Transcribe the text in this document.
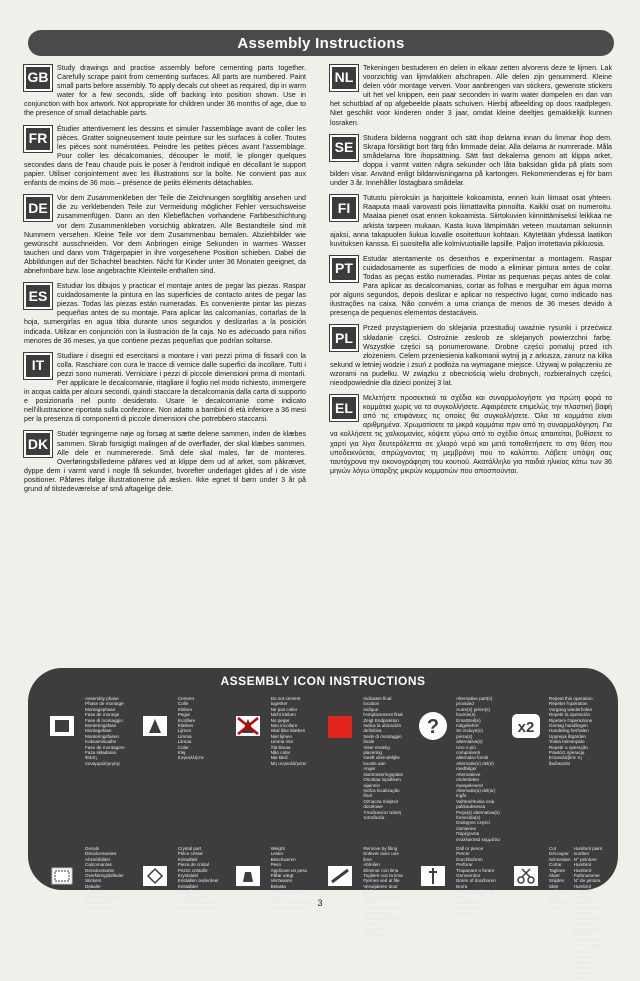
Assembly Instructions
GB
Study drawings and practise assembly before cementing parts together. Carefully scrape paint from cementing surfaces. All parts are numbered. Paint small parts before assembly. To apply decals cut sheet as required, dip in warm water for a few seconds, slide off backing into position shown. Use in conjunction with box artwork. Not appropriate for children under 36 months of age, due to the presence of small detachable parts.
FR
Étudier attentivement les dessins et simuler l'assemblage avant de coller les pièces. Gratter soigneusement toute peinture sur les surfaces à coller. Toutes les pièces sont numérotées. Peindre les petites pièces avant l'assemblage. Pour coller les décalcomanies, découper le motif, le plonger quelques secondes dans de l'eau chaude puis le poser à l'endroit indiqué en décollant le support papier. Utiliser conjointement avec les illustrations sur la boîte. Ne convient pas aux enfants de moins de 36 mois – présence de petits éléments détachables.
DE
Vor dem Zusammenkleben der Teile die Zeichnungen sorgfältig ansehen und die zu verklebenden Teile zur Vermeidung möglicher Fehler versuchsweise zusammenfügen. Dann an den Klebeflächen vorhandene Farbbeschichtung vor dem Zusammenkleben vorsichtig abkratzen. Alle Bestandteile sind mit Nummern versehen. Kleine Teile vor dem Zusammenbau bemalen. Abziehbilder wie gewünscht ausschneiden. Vor dem Anbringen einige Sekunden in warmes Wasser tauchen und dann vom Trägerpapier in ihre vorgesehene Position schieben. Dabei die Abbildungen auf der Schachtel beachten. Nicht für Kinder unter 36 Monaten geeignet, da abnehmbare bzw. lose angebrachte Kleinteile enthalten sind.
ES
Estudiar los dibujos y practicar el montaje antes de pegar las piezas. Raspar cuidadosamente la pintura en las superficies de contacto antes de pegar las piezas. Todas las piezas están numeradas. Es conveniente pintar las piezas pequeñas antes de su montaje. Para aplicar las calcomanías, cortarlas de la hoja, sumergirlas en agua tibia durante unos segundos y deslizarlas a la posición indicada. Utilizar en conjunción con la ilustración de la caja. No es adecuado para niños menores de 36 meses, ya que contiene piezas pequeñas que podrían soltarse.
IT
Studiare i disegni ed esercitarsi a montare i vari pezzi prima di fissarli con la colla. Raschiare con cura le tracce di vernice dalle superfici da incollare. Tutti i pezzi sono numerati. Verniciare i pezzi di piccole dimensioni prima di montarli. Per applicare le decalcomanie, ritagliare il foglio nel modo richiesto, immergere in acqua calda per alcuni secondi, quindi staccare la decalcomania dalla carta di supporto e posizionarla nel punto desiderato. Usare le decalcomanie come indicato nell'illustrazione riportata sulla confezione. Non adatto a bambini di età inferiore a 36 mesi per la presenza di componenti di piccole dimensioni che potrebbero staccarsi.
DK
Studér tegningerne nøje og forsøg at sætte delene sammen, inden de klæbes sammen. Skrab forsigtigt malingen af de overflader, der skal klæbes sammen. Alle dele er nummererede. Små dele skal males, før de monteres. Overføringsbillederne påføres ved at klippe dem ud af arket, som påkrævet, dyppe dem i varmt vand i nogle få sekunder, hvorefter underlaget glides af i de viste positioner. Påføres ifølge illustrationerne på æsken. Ikke egnet til børn under 3 år på grund af tilstedeværelse af små aftagelige dele.
NL
Tekeningen bestuderen en delen in elkaar zetten alvorens deze te lijmen. Lak voorzichtig van lijmvlakken afschrapen. Alle delen zijn genummerd. Kleine delen vóór montage verven. Voor aanbrengen van stickers, gewenste stickers uit het vel knippen, een paar seconden in warm water dompelen en dan van het schutblad af op afgebeelde plaats schuiven. Hierbij afbeelding op doos raadplegen. Niet geschikt voor kinderen onder 3 jaar, omdat kleine deeltjes gemakkelijk kunnen losraken.
SE
Studera bilderna noggrant och sätt ihop delarna innan du limmar ihop dem. Skrapa försiktigt bort färg från limmade delar. Alla delarna är numrerade. Måla smådelarna före ihopsättning. Sätt fast dekalerna genom att klippa arket, doppa i varmt vatten några sekunder och låta baksidan glida på plats som bilden visar. Använd enligt bildanvisningarna på kartongen. Rekommenderas ej för barn under 3 år. Innehåller löstagbara smådelar.
FI
Tutustu piirroksiin ja harjoittele kokoamista, ennen kuin liimaat osat yhteen. Raaputa maali varovasti pois liimattavilta pinnoilta. Kaikki osat on numeroitu. Maalaa pienet osat ennen kokoamista. Siirtokuvien kiinnittämiseksi leikkaa ne arkista tarpeen mukaan. Kasta kuva lämpimään veteen muutaman sekunnin ajaksi, anna takapuolen liukua kuvalle osoitettuun kohtaan. Käytetään yhdessä laatikon kuvituksen kanssa. Ei suositella alle kolmivuotiaille lapsille. Paljon irrotettavia pikkuosia.
PT
Estudar atentamente os desenhos e experimentar a montagem. Raspar cuidadosamente as superfícies de modo a eliminar pintura antes de colar. Todas as peças estão numeradas. Pintar as pequenas peças antes de colar. Para aplicar as decalcomanias, cortar as folhas e mergulhar em água morna por alguns segundos, depois deslizar e aplicar no respectivo lugar, como indicado nas ilustrações na caixa. Não convém a uma criança de menos de 36 meses devido à presença de pequenos elementos destacáveis.
PL
Przed przystąpieniem do sklejania przestudiuj uważnie rysunki i przećwicz składanie części. Ostrożnie zeskrob ze sklejanych powierzchni farbę. Wszystkie części są ponumerowane. Drobne części pomaluj przed ich złożeniem. Celem przeniesienia kalkomanii wytnij ją z arkusza, zanurz na kilka sekund w letniej wodzie i zsuń z podłoża na wymagane miejsce. Używaj w połączeniu ze wzorami na pudełku. W związku z obecnością wielu drobnych, rozbieralnych części, nieodpowiednie dla dzieci poniżej 3 lat.
EL
Μελετήστε προσεκτικά τα σχέδια και συναρμολογήστε για πρώτη φορά τα κομμάτια χωρίς να τα συγκολλήσετε. Αφαιρέσετε επιμελώς την πλαστική βαφή από τις επιφάνειες τις οποίες θα συγκολλήσετε. Όλα τα κομμάτια είναι αριθμημένα. Χρωματίσετε τα μικρά κομμάτια πριν από τη συναρμολόγηση. Για να κολλήσετε τις χαλκομανίες, κόψετε γύρω από το σχέδιο όπως απαιτείται, βυθίσετε το χαρτί για λίγα δευτερόλεπτα σε χλιαρό νερό και μετά τοποθετήσετε το στη θέση που υποδεικνύεται, σπρώχνοντας τη μεμβράνη που το καλύπτει. Λάβετε υπόψη σας ταυτόχρονα την εικονογράφηση του κουτιού. Ακατάλληλο για παιδιά ηλικίας κάτω των 36 μηνών λόγω ύπαρξης μικρών κομματιών που αποσπούνται.
ASSEMBLY ICON INSTRUCTIONS
Assembly phase
Phase de montage
Montagephase
Fase de montaje
Fase di montaggio
Monteringsfase
Montagefase
Monteringsfasen
Kokoamisvaihe
Fase de montagem
Faza składania
Φάση συναρμολόγησης
Cement
Colle
Kleben
Pegar
Incollare
Klæbes
Lijmen
Limma
Liimaa
Colar
Klej
Συγκολλήστε
Do not cement together
Ne pas coller
Nicht kleben
No pegar
Non incollare
Skal ikke klæbes
Niet lijmen
Limma inte
Älä liimaa
Não colar
Nie kleić
Μη συγκολλήσετε
Indicates final location
Indique l'emplacement final
Zeigt Endposition
Indica la ubicación definitiva
Sede di montaggio finale
Viser endelig placering
Geeft uiteindelijke locatie aan
Anger slutmonteringsplats
Osoittaa lopullisen sijainnin
Indica localização final
Oznacza miejsce docelowe
Υποδεικνύει τελική τοποθεσία
?
Alternative part(s) provided
Autre(s) pièce(s) fournie(s)
Ersatzteil(e) mitgeliefert
Se incluye(n) pieza(s) alternativa(s)
Uno o più componenti alternativi forniti
Alternativ(e) del(e) medfølger
Alternatieve onderdelen meegeleverd
Alternativ(a) del(ar) ingår
Vaihtoehtoisia osia pakkauksessa
Peça(s) alternativa(s) fornecida(s)
Dostępne części zamienne
Παρέχονται εναλλακτικά κομμάτια
x2
Repeat this operation
Répéter l'opération
Vorgang wiederholen
Repetir la operación
Ripetere l'operazione
Gentag handlingen
Handeling herhalen
Upprepa åtgärden
Toista toimenpide
Repetir a operação
Powtórz operację
Επαναλάβετε τη διαδικασία
Decals
Décalcomanies
Abziehbilder
Calcomanías
Decalcomanie
Overføringsbilleder
Stickers
Dekaler
Siirtokuvat
Decalcomanias
Kalkomania
Χαλκομανίες
Crystal part
Pièce cristal
Kristallteil
Pieza de cristal
Pezzo cristallo
Krystaldel
Kristallen onderdeel
Kristalldel
Kristalliosat
Peça de cristal
Część kryształowa
Κομμάτι κρυστάλλου
Weight
Lester
Beschweren
Peso
Applicare un peso
Påfør vægt
Verzwaren
Belasta
Aseta vastapaino
Lastrar
Obciążyć balastem
Επιθέστε βάρος
Remove by filing
Enlever avec une lime
Abfeilen
Eliminar con lima
Togliere con la lima
Fjernes ved at file
Verwijderen door afvijlen
Avlägsna genom filning
Poista viilaamalla
Retirar limando
Usunąć przy użyciu pilnika
Αφαιρέστε λιμάροντας
Drill or pierce
Percer
Durchbohren
Perforar
Trapanare o forare
Gennembor
Boren of doorboren
Borra
Poraa tai puhkaise
Furar
Wywiercić lub przedziurawić
Τρυπήστε
Cut
Découper
Schneiden
Cortar
Tagliare
Skær
Snijden
Skär
Leikkaa
Cortar
Przeciąć
Κόψτε
Humbrol paint number
N° peinture Humbrol
Humbrol-Farbnummer
N° de pintura Humbrol
N° vernice Humbrol
Humbrol malingnummer
Humbrol verfnummer
Humbrol färgnummer
Humbrol-maalin numero
N° de pintura Humbrol
Nr farby Humbrol
Νούμερο χρώματος Humbrol
3
